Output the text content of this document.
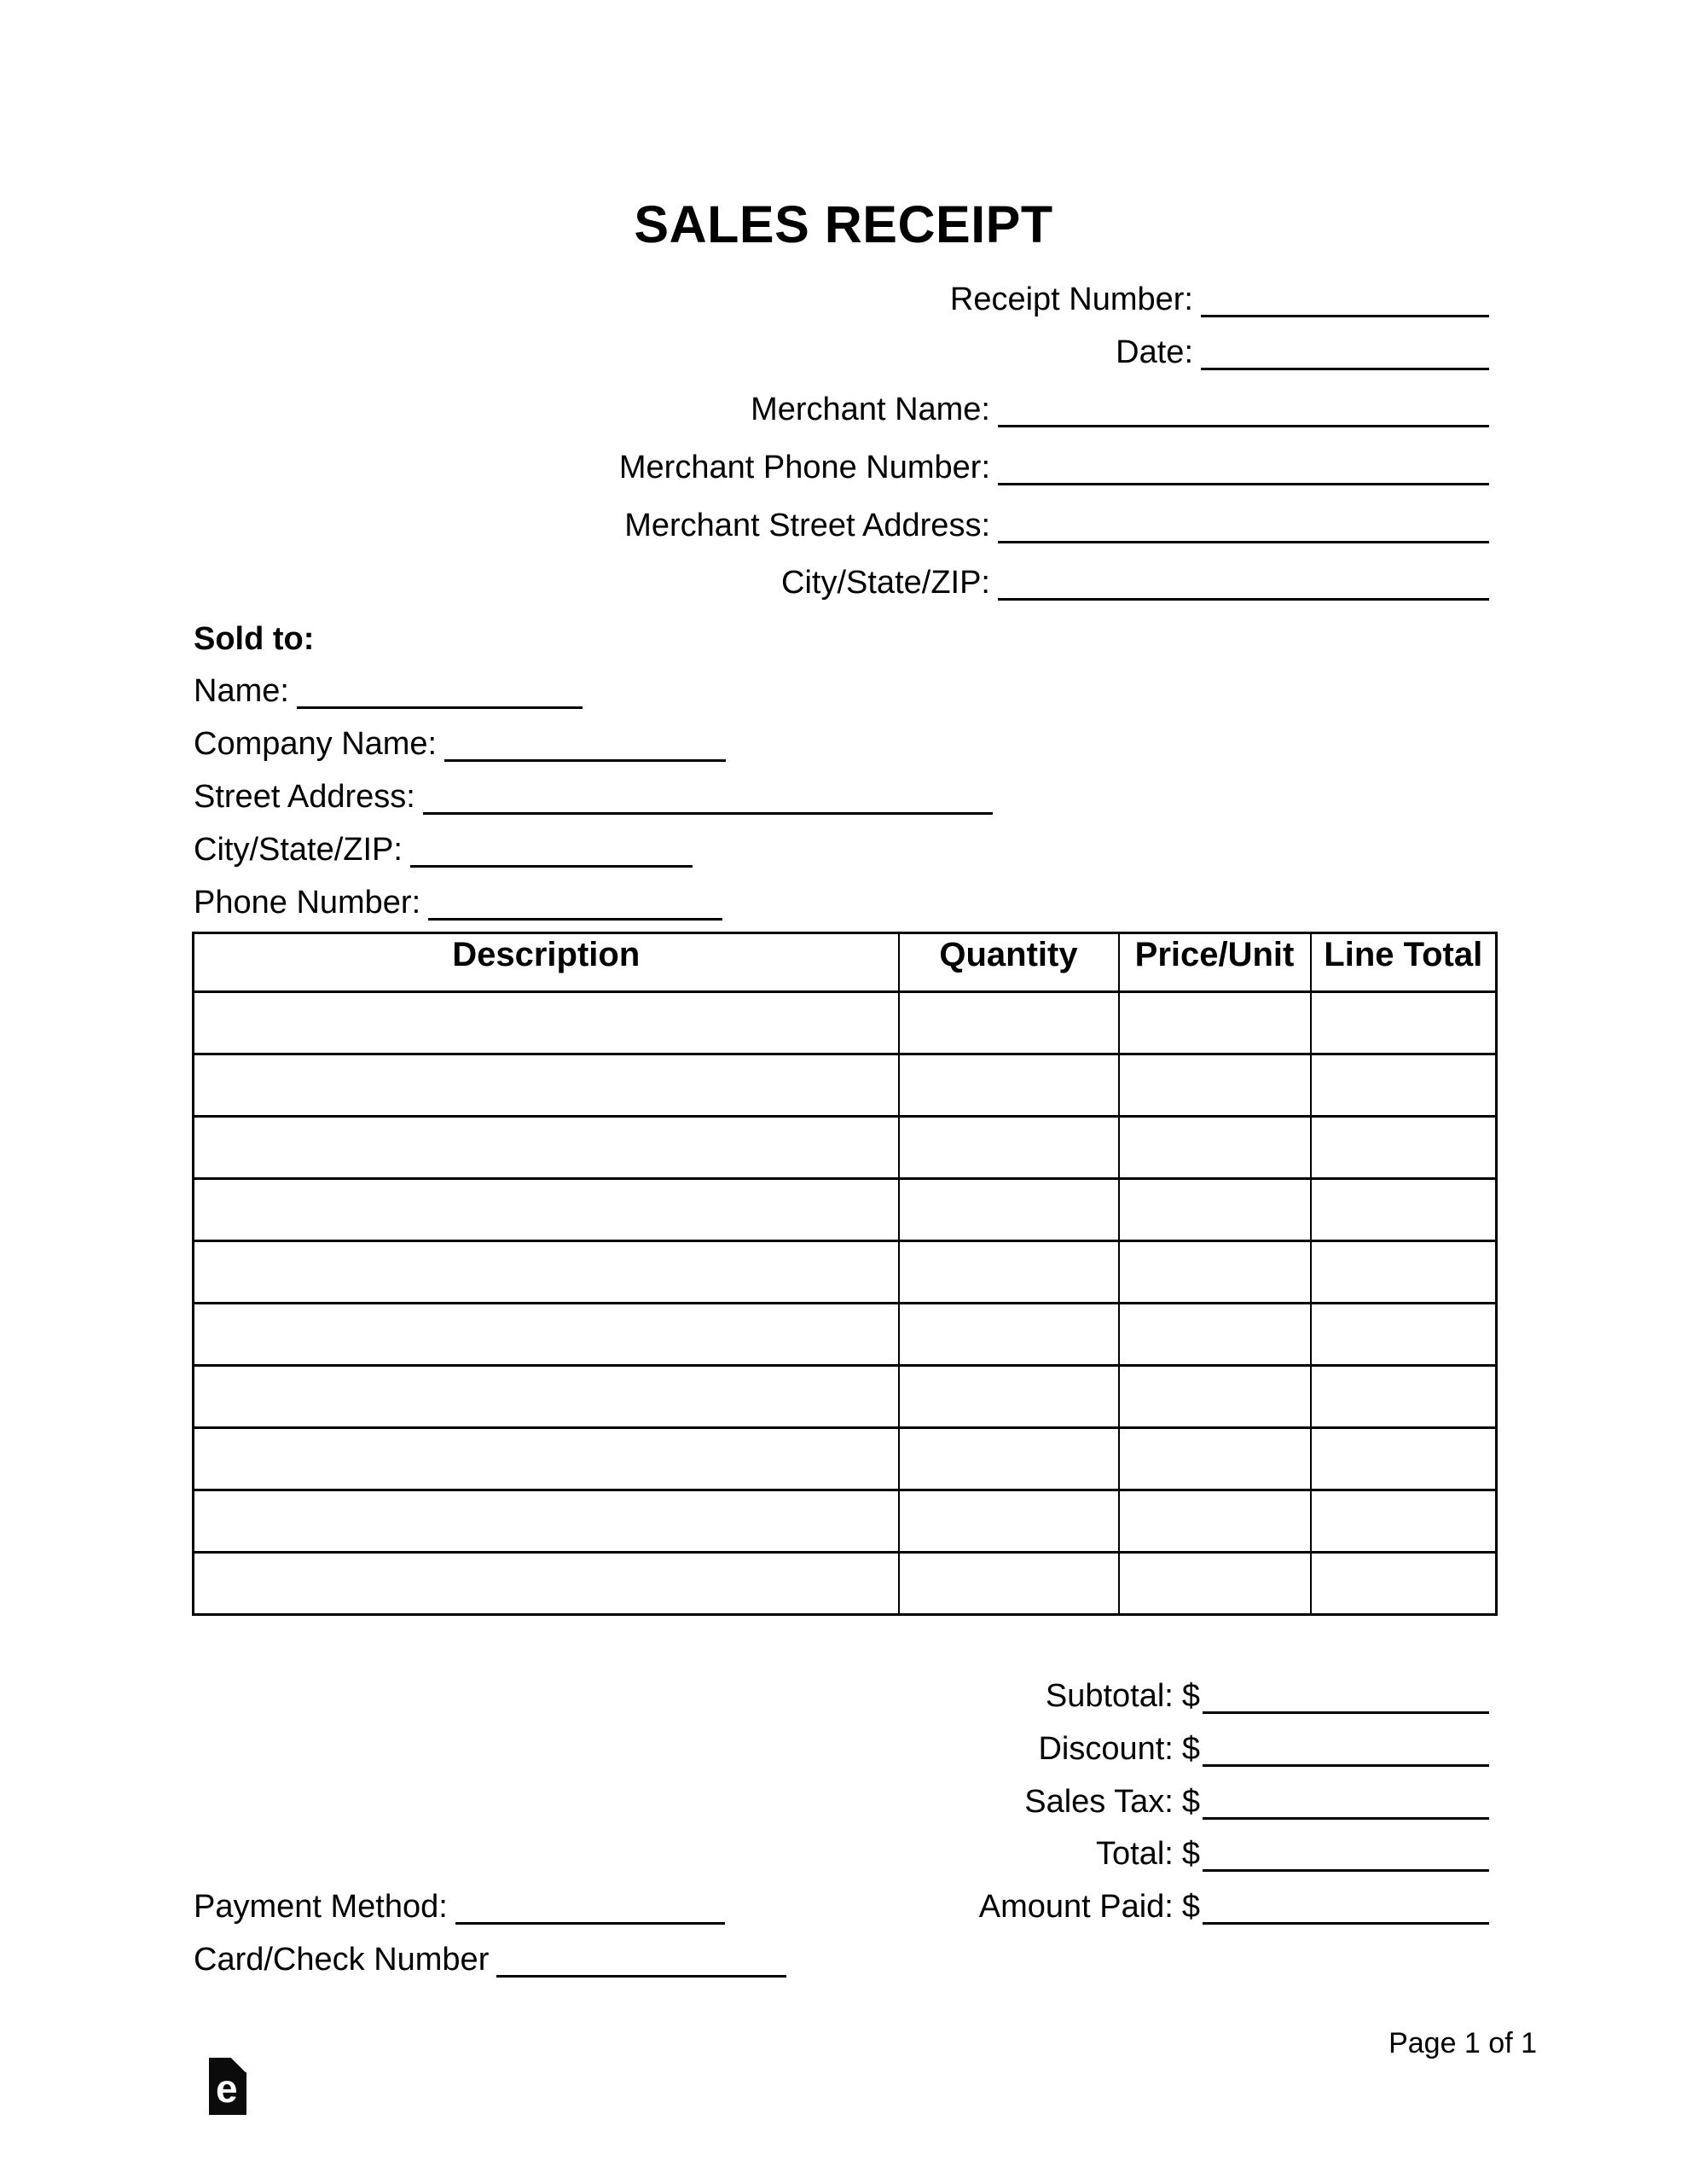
SALES RECEIPT
Receipt Number:
Date:
Merchant Name:
Merchant Phone Number:
Merchant Street Address:
City/State/ZIP:
Sold to:
Name:
Company Name:
Street Address:
City/State/ZIP:
Phone Number:
Description	Quantity	Price/Unit	Line Total

Subtotal: $
Discount: $
Sales Tax: $
Total: $
Amount Paid: $
Payment Method:
Card/Check Number
Page 1 of 1
e
